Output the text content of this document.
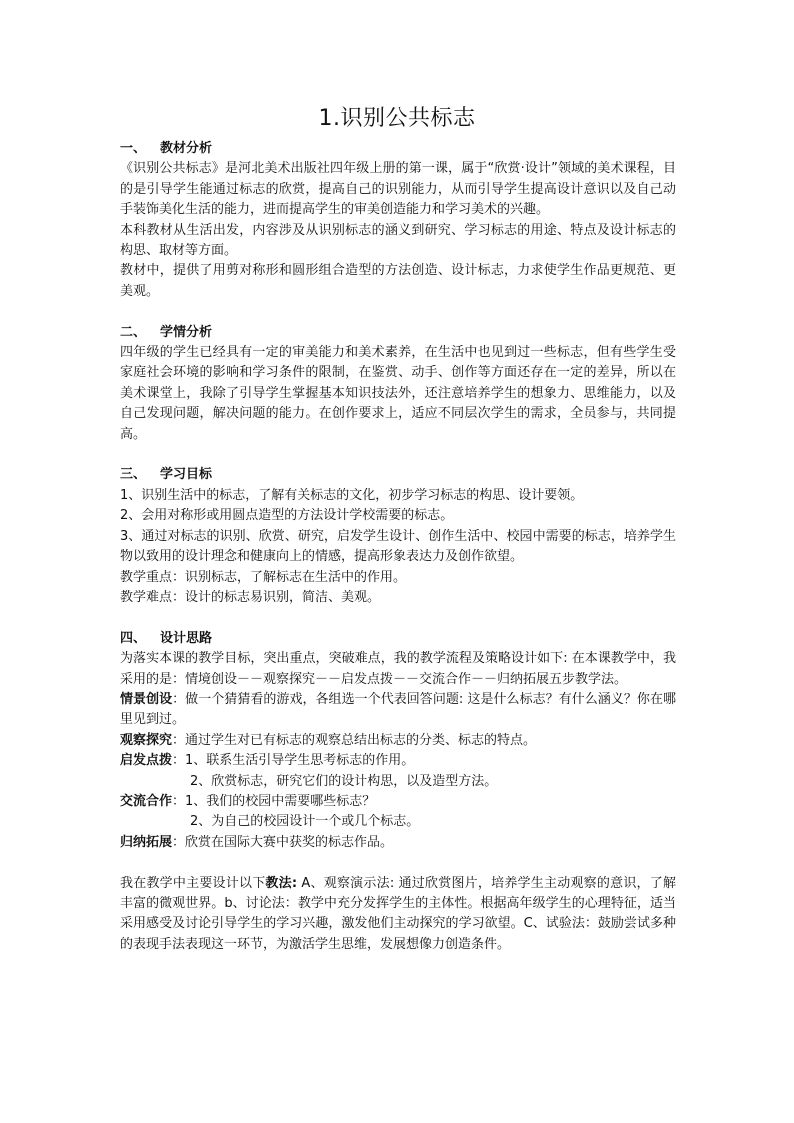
1.识别公共标志

一、 教材分析

《识别公共标志》是河北美术出版社四年级上册的第一课，属于“欣赏·设计”领域的美术课程，目的是引导学生能通过标志的欣赏，提高自己的识别能力，从而引导学生提高设计意识以及自己动手装饰美化生活的能力，进而提高学生的审美创造能力和学习美术的兴趣。

本科教材从生活出发，内容涉及从识别标志的涵义到研究、学习标志的用途、特点及设计标志的构思、取材等方面。

教材中，提供了用剪对称形和圆形组合造型的方法创造、设计标志，力求使学生作品更规范、更美观。

二、 学情分析

四年级的学生已经具有一定的审美能力和美术素养，在生活中也见到过一些标志，但有些学生受家庭社会环境的影响和学习条件的限制，在鉴赏、动手、创作等方面还存在一定的差异，所以在美术课堂上，我除了引导学生掌握基本知识技法外，还注意培养学生的想象力、思维能力，以及自己发现问题，解决问题的能力。在创作要求上，适应不同层次学生的需求，全员参与，共同提高。

三、 学习目标

1、识别生活中的标志，了解有关标志的文化，初步学习标志的构思、设计要领。

2、会用对称形或用圆点造型的方法设计学校需要的标志。

3、通过对标志的识别、欣赏、研究，启发学生设计、创作生活中、校园中需要的标志，培养学生物以致用的设计理念和健康向上的情感，提高形象表达力及创作欲望。

教学重点：识别标志，了解标志在生活中的作用。

教学难点：设计的标志易识别，简洁、美观。

四、 设计思路

为落实本课的教学目标，突出重点，突破难点，我的教学流程及策略设计如下: 在本课教学中，我采用的是：情境创设－－观察探究－－启发点拨－－交流合作－－归纳拓展五步教学法。

情景创设：做一个猜猜看的游戏，各组选一个代表回答问题: 这是什么标志？有什么涵义？你在哪里见到过。

观察探究：通过学生对已有标志的观察总结出标志的分类、标志的特点。

启发点拨：1、联系生活引导学生思考标志的作用。

2、欣赏标志，研究它们的设计构思，以及造型方法。

交流合作：1、我们的校园中需要哪些标志？

2、为自己的校园设计一个或几个标志。

归纳拓展：欣赏在国际大赛中获奖的标志作品。

我在教学中主要设计以下教法: A、观察演示法: 通过欣赏图片，培养学生主动观察的意识，了解丰富的微观世界。b、讨论法：教学中充分发挥学生的主体性。根据高年级学生的心理特征，适当采用感受及讨论引导学生的学习兴趣，激发他们主动探究的学习欲望。C、试验法：鼓励尝试多种的表现手法表现这一环节，为激活学生思维，发展想像力创造条件。
